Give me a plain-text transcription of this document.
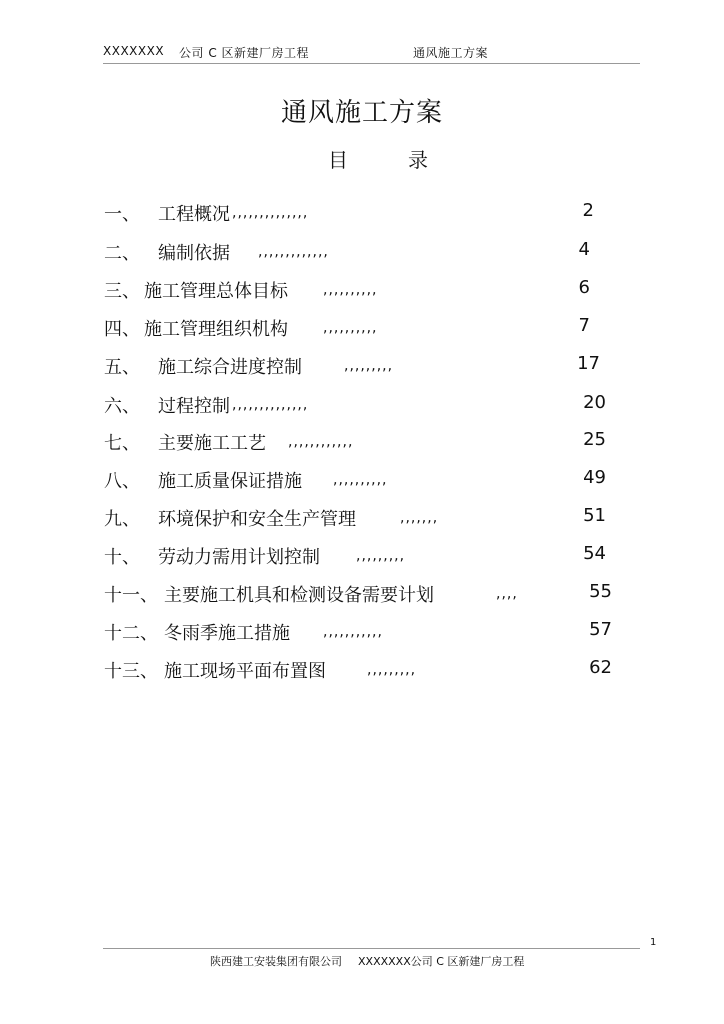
XXXXXXX 公司 C 区新建厂房工程	通风施工方案
通风施工方案
目	录
一、 工程概况 ,,,,,,,,,,,,,,	2
二、 编制依据 ,,,,,,,,,,,,,	4
三、 施工管理总体目标	,,,,,,,,,,	6
四、 施工管理组织机构	,,,,,,,,,,	7
五、 施工综合进度控制	,,,,,,,,,	17
六、 过程控制 ,,,,,,,,,,,,,,	20
七、 主要施工工艺 ,,,,,,,,,,,,	25
八、 施工质量保证措施 ,,,,,,,,,,	49
九、 环境保护和安全生产管理	,,,,,,,	51
十、 劳动力需用计划控制	,,,,,,,,,	54
十一、 主要施工机具和检测设备需要计划	,,,,	55
十二、 冬雨季施工措施 ,,,,,,,,,,,	57
十三、 施工现场平面布置图	,,,,,,,,,	62
1
陕西建工安装集团有限公司 XXXXXXX公司 C 区新建厂房工程
